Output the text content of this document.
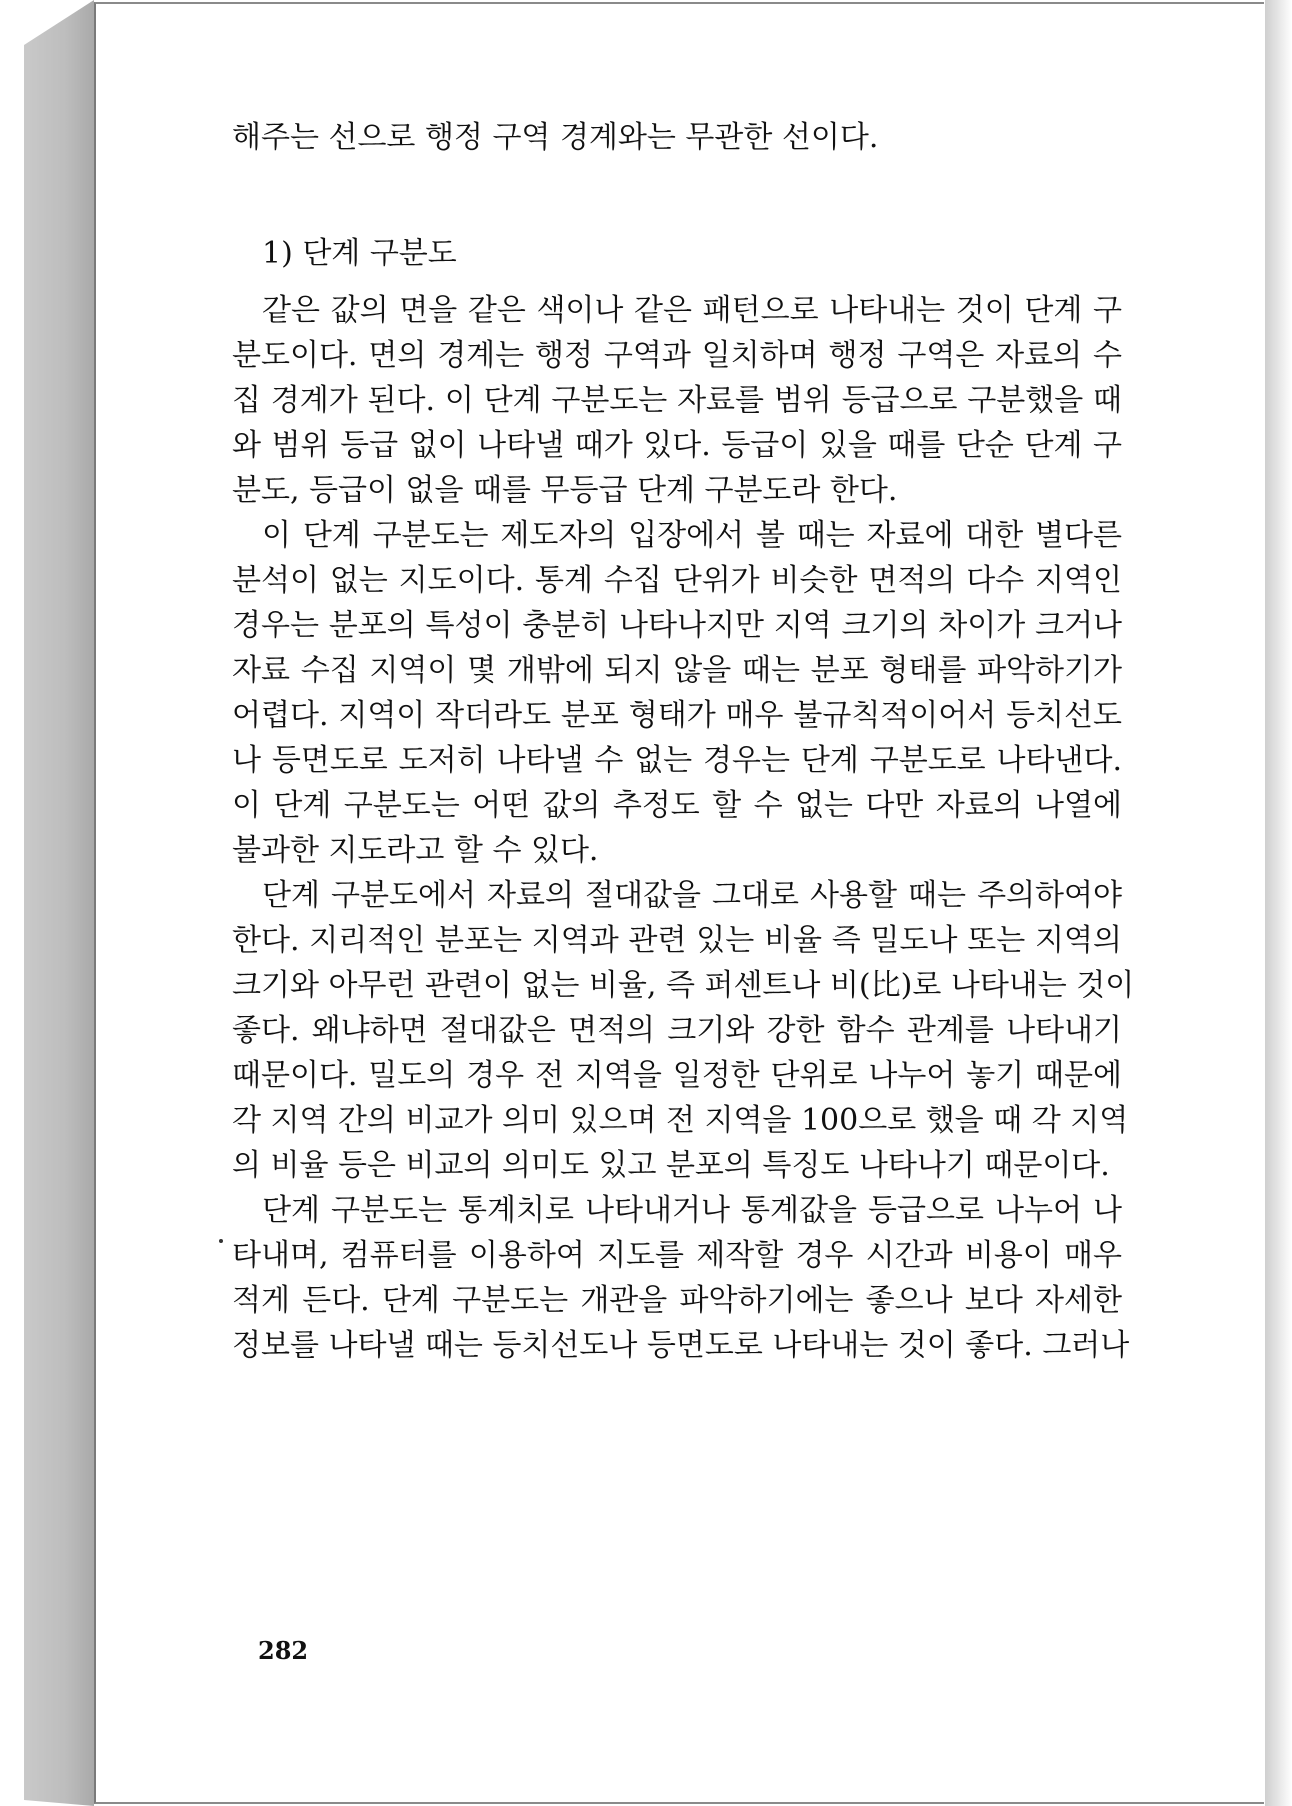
해주는 선으로 행정 구역 경계와는 무관한 선이다.
1) 단계 구분도
같은 값의 면을 같은 색이나 같은 패턴으로 나타내는 것이 단계 구
분도이다. 면의 경계는 행정 구역과 일치하며 행정 구역은 자료의 수
집 경계가 된다. 이 단계 구분도는 자료를 범위 등급으로 구분했을 때
와 범위 등급 없이 나타낼 때가 있다. 등급이 있을 때를 단순 단계 구
분도, 등급이 없을 때를 무등급 단계 구분도라 한다.
이 단계 구분도는 제도자의 입장에서 볼 때는 자료에 대한 별다른
분석이 없는 지도이다. 통계 수집 단위가 비슷한 면적의 다수 지역인
경우는 분포의 특성이 충분히 나타나지만 지역 크기의 차이가 크거나
자료 수집 지역이 몇 개밖에 되지 않을 때는 분포 형태를 파악하기가
어렵다. 지역이 작더라도 분포 형태가 매우 불규칙적이어서 등치선도
나 등면도로 도저히 나타낼 수 없는 경우는 단계 구분도로 나타낸다.
이 단계 구분도는 어떤 값의 추정도 할 수 없는 다만 자료의 나열에
불과한 지도라고 할 수 있다.
단계 구분도에서 자료의 절대값을 그대로 사용할 때는 주의하여야
한다. 지리적인 분포는 지역과 관련 있는 비율 즉 밀도나 또는 지역의
크기와 아무런 관련이 없는 비율, 즉 퍼센트나 비(比)로 나타내는 것이
좋다. 왜냐하면 절대값은 면적의 크기와 강한 함수 관계를 나타내기
때문이다. 밀도의 경우 전 지역을 일정한 단위로 나누어 놓기 때문에
각 지역 간의 비교가 의미 있으며 전 지역을 100으로 했을 때 각 지역
의 비율 등은 비교의 의미도 있고 분포의 특징도 나타나기 때문이다.
단계 구분도는 통계치로 나타내거나 통계값을 등급으로 나누어 나
타내며, 컴퓨터를 이용하여 지도를 제작할 경우 시간과 비용이 매우
적게 든다. 단계 구분도는 개관을 파악하기에는 좋으나 보다 자세한
정보를 나타낼 때는 등치선도나 등면도로 나타내는 것이 좋다. 그러나
282
